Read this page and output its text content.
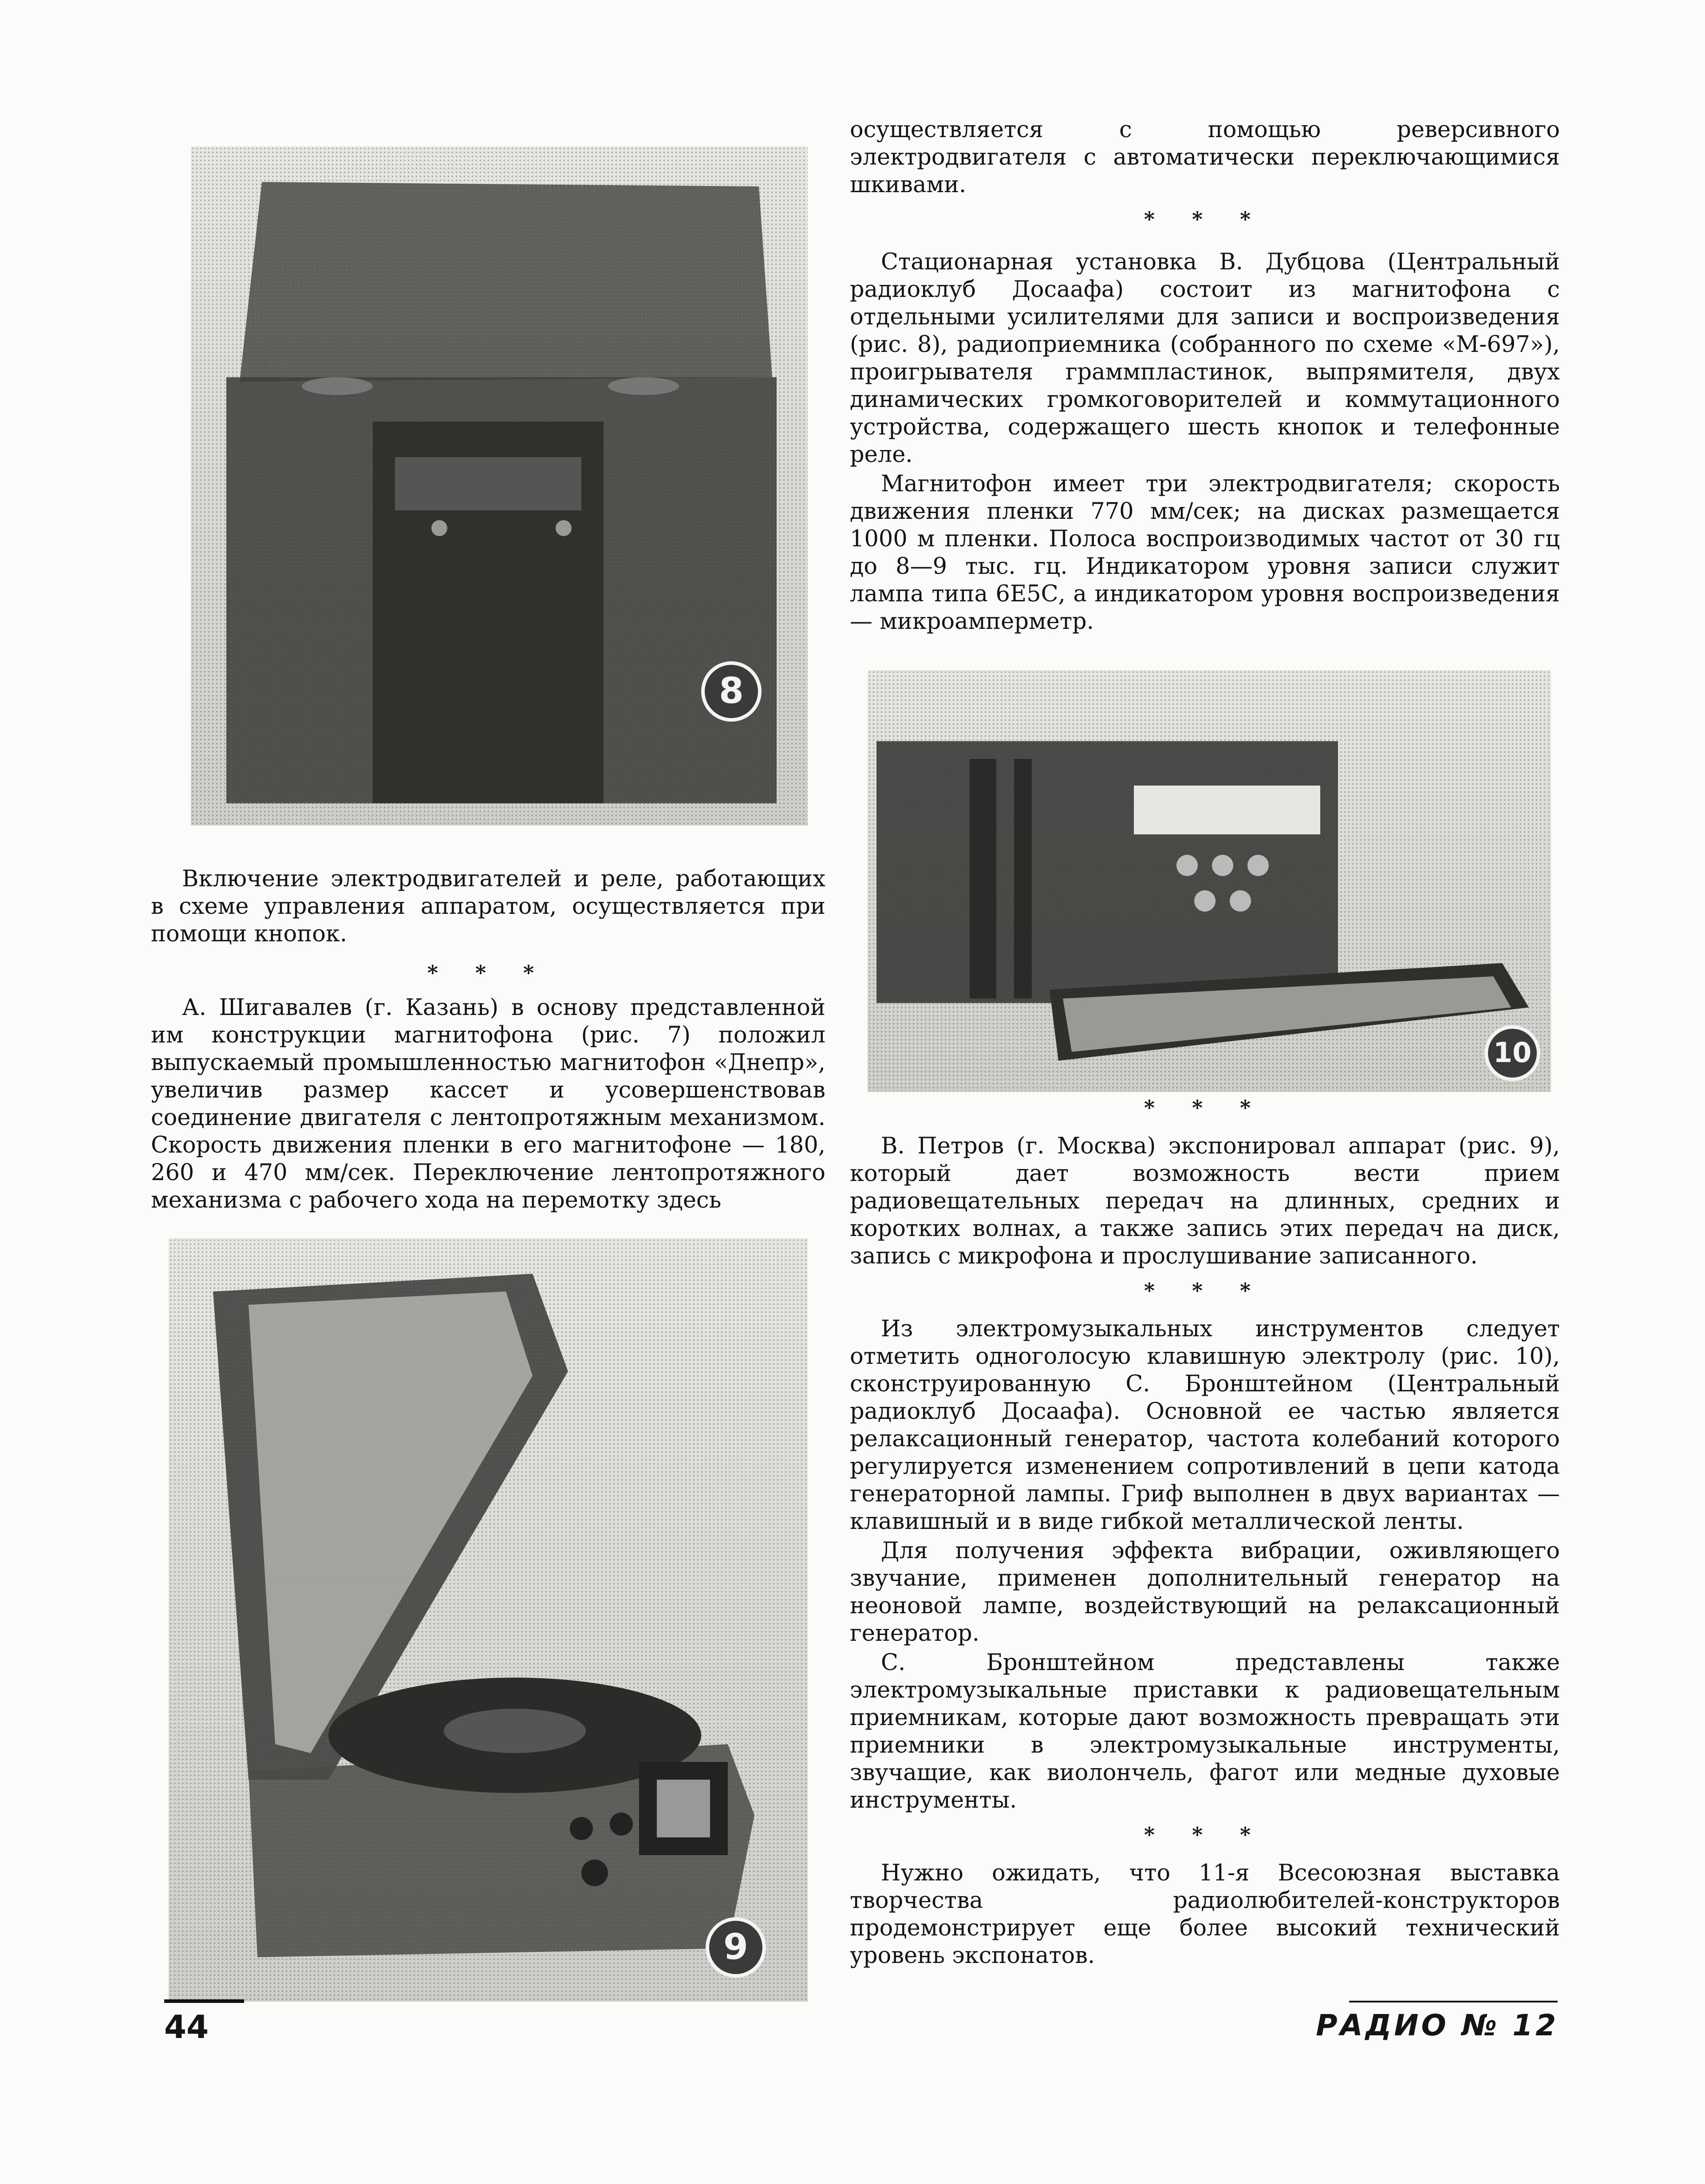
8
9
10

Включение электродвигателей и реле, работающих в схеме управления аппаратом, осуществляется при помощи кнопок.

* * *

А. Шигавалев (г. Казань) в основу представленной им конструкции магнитофона (рис. 7) положил выпускаемый промышленностью магнитофон «Днепр», увеличив размер кассет и усовершенствовав соединение двигателя с лентопротяжным механизмом. Скорость движения пленки в его магнитофоне — 180, 260 и 470 мм/сек. Переключение лентопротяжного механизма с рабочего хода на перемотку здесь

осуществляется с помощью реверсивного электродвигателя с автоматически переключающимися шкивами.

* * *

Стационарная установка В. Дубцова (Центральный радиоклуб Досаафа) состоит из магнитофона с отдельными усилителями для записи и воспроизведения (рис. 8), радиоприемника (собранного по схеме «М-697»), проигрывателя граммпластинок, выпрямителя, двух динамических громкоговорителей и коммутационного устройства, содержащего шесть кнопок и телефонные реле.

Магнитофон имеет три электродвигателя; скорость движения пленки 770 мм/сек; на дисках размещается 1000 м пленки. Полоса воспроизводимых частот от 30 гц до 8—9 тыс. гц. Индикатором уровня записи служит лампа типа 6Е5С, а индикатором уровня воспроизведения — микроамперметр.

* * *

В. Петров (г. Москва) экспонировал аппарат (рис. 9), который дает возможность вести прием радиовещательных передач на длинных, средних и коротких волнах, а также запись этих передач на диск, запись с микрофона и прослушивание записанного.

* * *

Из электромузыкальных инструментов следует отметить одноголосую клавишную электролу (рис. 10), сконструированную С. Бронштейном (Центральный радиоклуб Досаафа). Основной ее частью является релаксационный генератор, частота колебаний которого регулируется изменением сопротивлений в цепи катода генераторной лампы. Гриф выполнен в двух вариантах — клавишный и в виде гибкой металлической ленты.

Для получения эффекта вибрации, оживляющего звучание, применен дополнительный генератор на неоновой лампе, воздействующий на релаксационный генератор.

С. Бронштейном представлены также электромузыкальные приставки к радиовещательным приемникам, которые дают возможность превращать эти приемники в электромузыкальные инструменты, звучащие, как виолончель, фагот или медные духовые инструменты.

* * *

Нужно ожидать, что 11-я Всесоюзная выставка творчества радиолюбителей-конструкторов продемонстрирует еще более высокий технический уровень экспонатов.

44	РАДИО № 12
